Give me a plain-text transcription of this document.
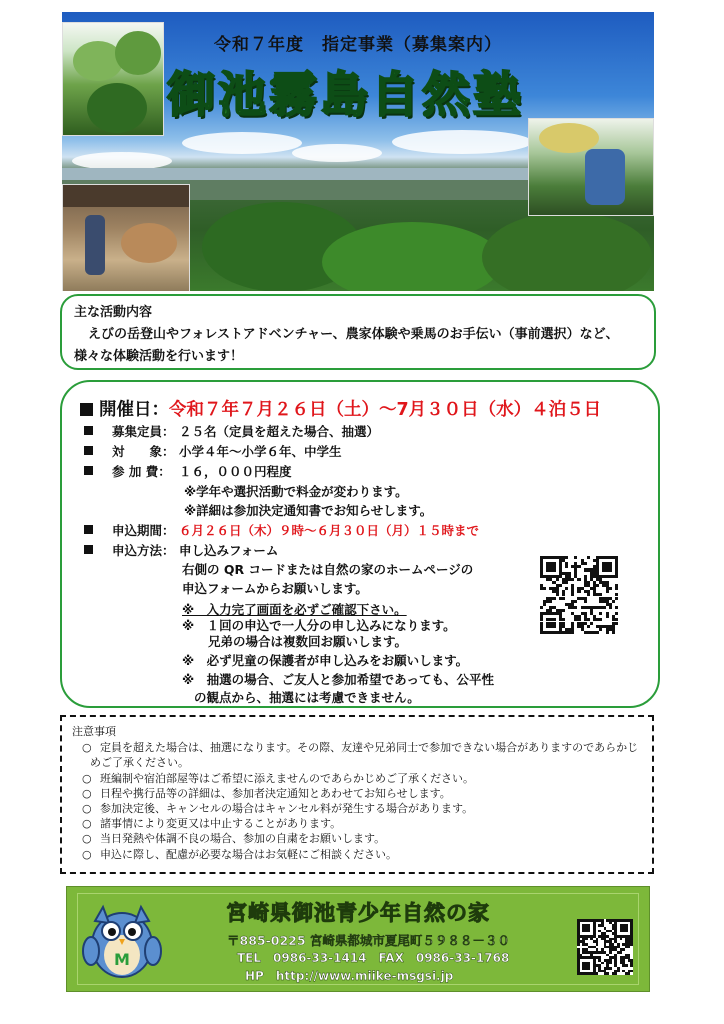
令和７年度　指定事業（募集案内）
御池霧島自然塾
主な活動内容
えびの岳登山やフォレストアドベンチャー、農家体験や乗馬のお手伝い（事前選択）など、
様々な体験活動を行います！
開催日：令和７年７月２６日（土）～7月３０日（水）４泊５日
募集定員： ２５名（定員を超えた場合、抽選）
対　　象： 小学４年～小学６年、中学生
参 加 費： １６，０００円程度
※学年や選択活動で料金が変わります。
※詳細は参加決定通知書でお知らせします。
申込期間： ６月２６日（木）９時～６月３０日（月）１５時まで
申込方法： 申し込みフォーム
右側の QR コードまたは自然の家のホームページの
申込フォームからお願いします。
※　入力完了画面を必ずご確認下さい。
※　１回の申込で一人分の申し込みになります。
兄弟の場合は複数回お願いします。
※　必ず児童の保護者が申し込みをお願いします。
※　抽選の場合、ご友人と参加希望であっても、公平性
の観点から、抽選には考慮できません。
注意事項
○ 定員を超えた場合は、抽選になります。その際、友達や兄弟同士で参加できない場合がありますのであらかじめご了承ください。
○ 班編制や宿泊部屋等はご希望に添えませんのであらかじめご了承ください。
○ 日程や携行品等の詳細は、参加者決定通知とあわせてお知らせします。
○ 参加決定後、キャンセルの場合はキャンセル料が発生する場合があります。
○ 諸事情により変更又は中止することがあります。
○ 当日発熱や体調不良の場合、参加の自粛をお願いします。
○ 申込に際し、配慮が必要な場合はお気軽にご相談ください。
M
宮崎県御池青少年自然の家
〒885-0225 宮崎県都城市夏尾町５９８８－３０
TEL　0986-33-1414　FAX　0986-33-1768
HP　http://www.miike-msgsi.jp
